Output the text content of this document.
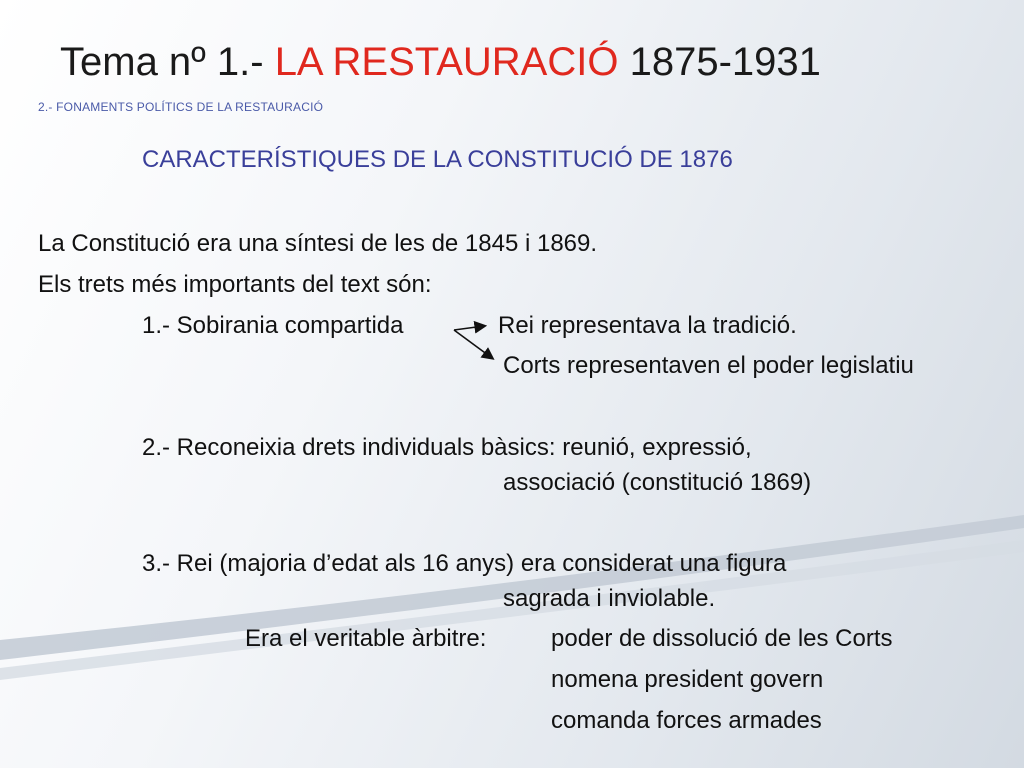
Tema nº 1.- LA RESTAURACIÓ 1875-1931
2.- FONAMENTS POLÍTICS DE LA RESTAURACIÓ
CARACTERÍSTIQUES DE LA CONSTITUCIÓ DE 1876
La Constitució era una síntesi de les de 1845 i 1869.
Els trets més importants del text són:
1.- Sobirania compartida	Rei representava la tradició.
Corts representaven el poder legislatiu
2.- Reconeixia drets individuals bàsics: reunió, expressió,
associació (constitució 1869)
3.- Rei (majoria d’edat als 16 anys) era considerat una figura
sagrada i inviolable.
Era el veritable àrbitre:	poder de dissolució de les Corts
nomena president govern
comanda forces armades
